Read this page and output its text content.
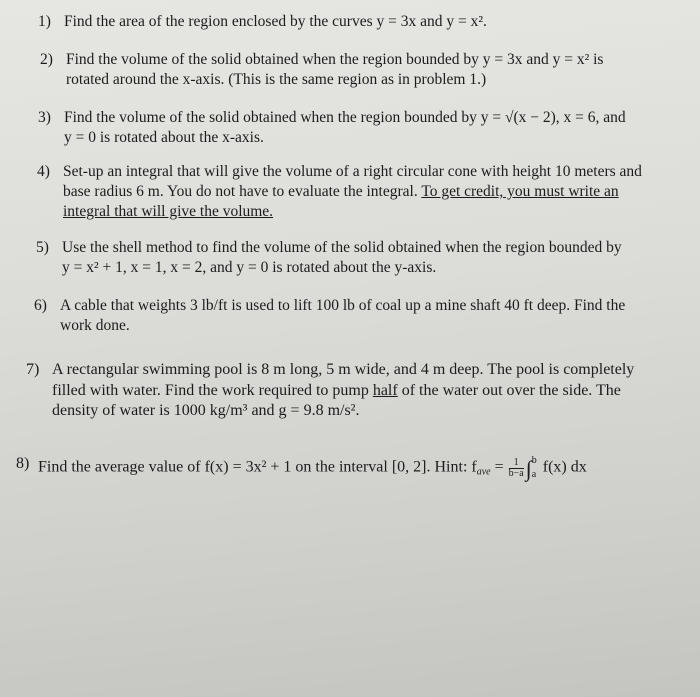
1) Find the area of the region enclosed by the curves y = 3x and y = x².
2) Find the volume of the solid obtained when the region bounded by y = 3x and y = x² is
rotated around the x-axis. (This is the same region as in problem 1.)
3) Find the volume of the solid obtained when the region bounded by y = √(x − 2), x = 6, and
y = 0 is rotated about the x-axis.
4) Set-up an integral that will give the volume of a right circular cone with height 10 meters and
base radius 6 m. You do not have to evaluate the integral. To get credit, you must write an
integral that will give the volume.
5) Use the shell method to find the volume of the solid obtained when the region bounded by
y = x² + 1, x = 1, x = 2, and y = 0 is rotated about the y-axis.
6) A cable that weights 3 lb/ft is used to lift 100 lb of coal up a mine shaft 40 ft deep. Find the
work done.
7) A rectangular swimming pool is 8 m long, 5 m wide, and 4 m deep. The pool is completely
filled with water. Find the work required to pump half of the water out over the side. The
density of water is 1000 kg/m³ and g = 9.8 m/s².
8) Find the average value of f(x) = 3x² + 1 on the interval [0, 2]. Hint: $f_{ave} = \frac{1}{b-a}$ ∫ b
a f(x) dx
